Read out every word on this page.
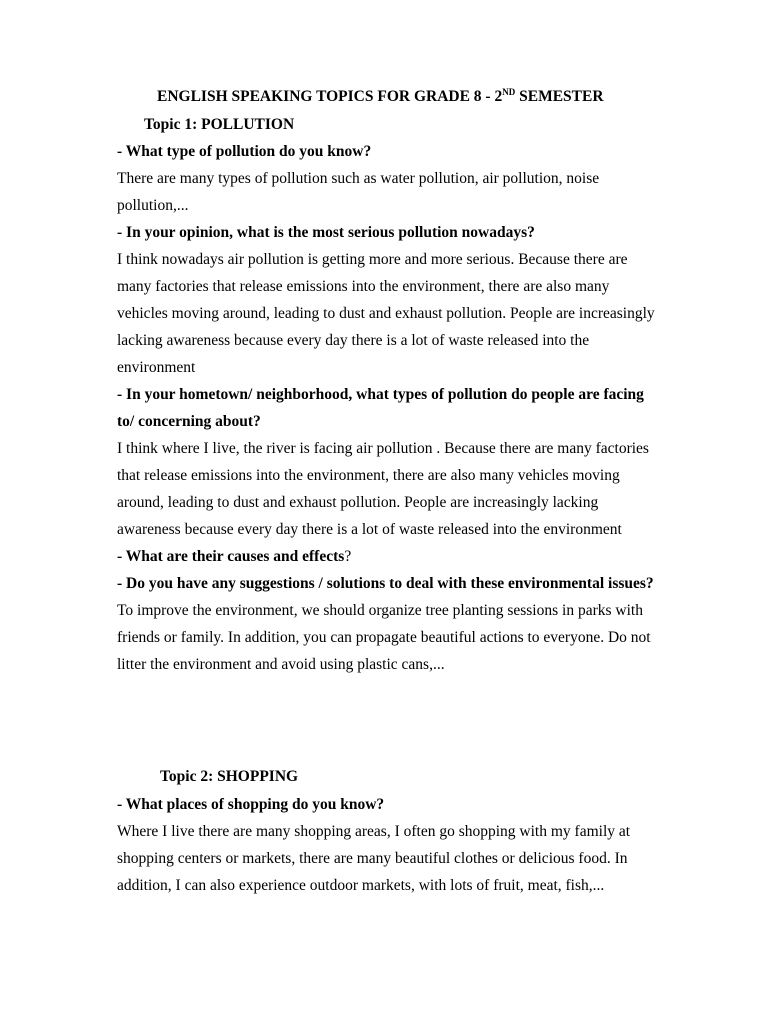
ENGLISH SPEAKING TOPICS FOR GRADE 8 - 2ND SEMESTER
Topic 1: POLLUTION
- What type of pollution do you know?
There are many types of pollution such as water pollution, air pollution, noise pollution,...
- In your opinion, what is the most serious pollution nowadays?
I think nowadays air pollution is getting more and more serious. Because there are many factories that release emissions into the environment, there are also many vehicles moving around, leading to dust and exhaust pollution. People are increasingly lacking awareness because every day there is a lot of waste released into the environment
- In your hometown/ neighborhood, what types of pollution do people are facing to/ concerning about?
I think where I live, the river is facing air pollution . Because there are many factories that release emissions into the environment, there are also many vehicles moving around, leading to dust and exhaust pollution. People are increasingly lacking awareness because every day there is a lot of waste released into the environment
- What are their causes and effects?
- Do you have any suggestions / solutions to deal with these environmental issues?
To improve the environment, we should organize tree planting sessions in parks with friends or family. In addition, you can propagate beautiful actions to everyone. Do not litter the environment and avoid using plastic cans,...
Topic 2: SHOPPING
- What places of shopping do you know?
Where I live there are many shopping areas, I often go shopping with my family at shopping centers or markets, there are many beautiful clothes or delicious food. In addition, I can also experience outdoor markets, with lots of fruit, meat, fish,...
